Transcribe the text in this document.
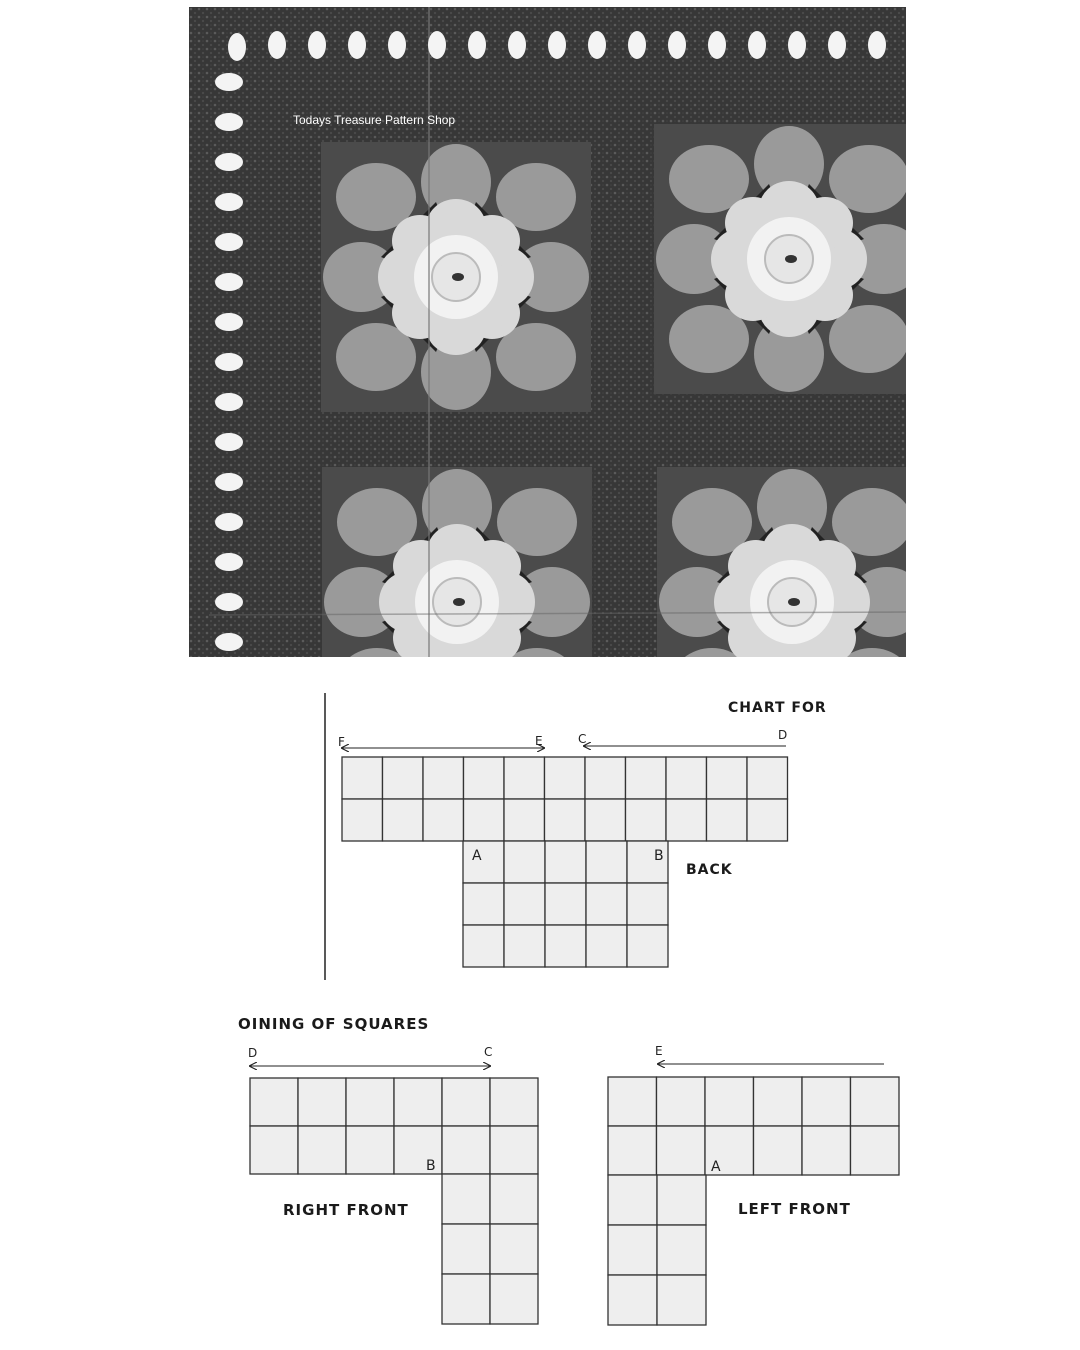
Todays Treasure Pattern Shop
CHART FOR
F	E	C	D
A	B
BACK
OINING OF SQUARES
D	C
B
RIGHT FRONT
E
A
LEFT FRONT
